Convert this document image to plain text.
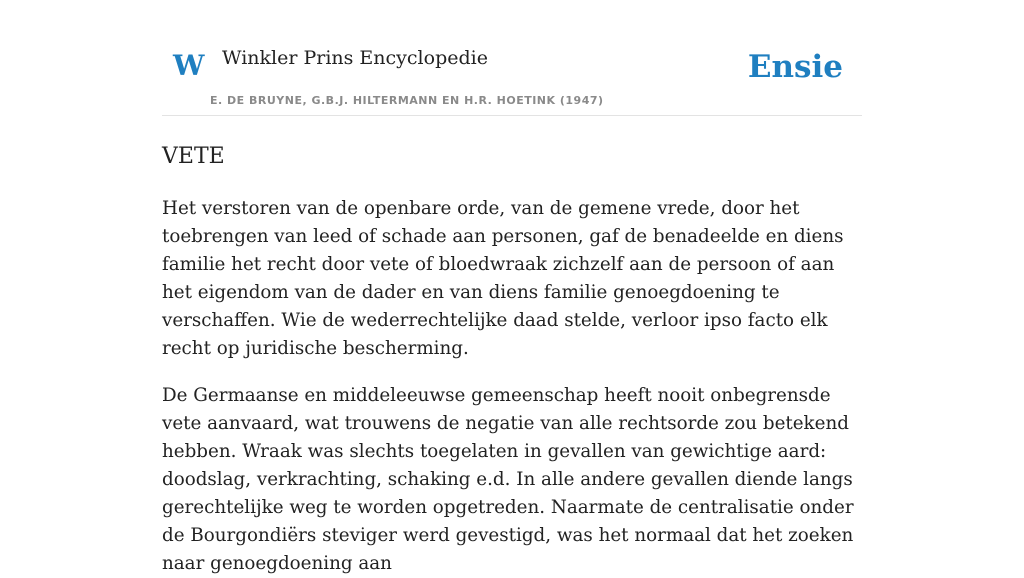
W Winkler Prins Encyclopedie
E. DE BRUYNE, G.B.J. HILTERMANN EN H.R. HOETINK (1947)
Ensie
VETE

Het verstoren van de openbare orde, van de gemene vrede, door het toebrengen van leed of schade aan personen, gaf de benadeelde en diens familie het recht door vete of bloedwraak zichzelf aan de persoon of aan het eigendom van de dader en van diens familie genoegdoening te verschaffen. Wie de wederrechtelijke daad stelde, verloor ipso facto elk recht op juridische bescherming.

De Germaanse en middeleeuwse gemeenschap heeft nooit onbegrensde vete aanvaard, wat trouwens de negatie van alle rechtsorde zou betekend hebben. Wraak was slechts toegelaten in gevallen van gewichtige aard: doodslag, verkrachting, schaking e.d. In alle andere gevallen diende langs gerechtelijke weg te worden opgetreden. Naarmate de centralisatie onder de Bourgondiërs steviger werd gevestigd, was het normaal dat het zoeken naar genoegdoening aan
